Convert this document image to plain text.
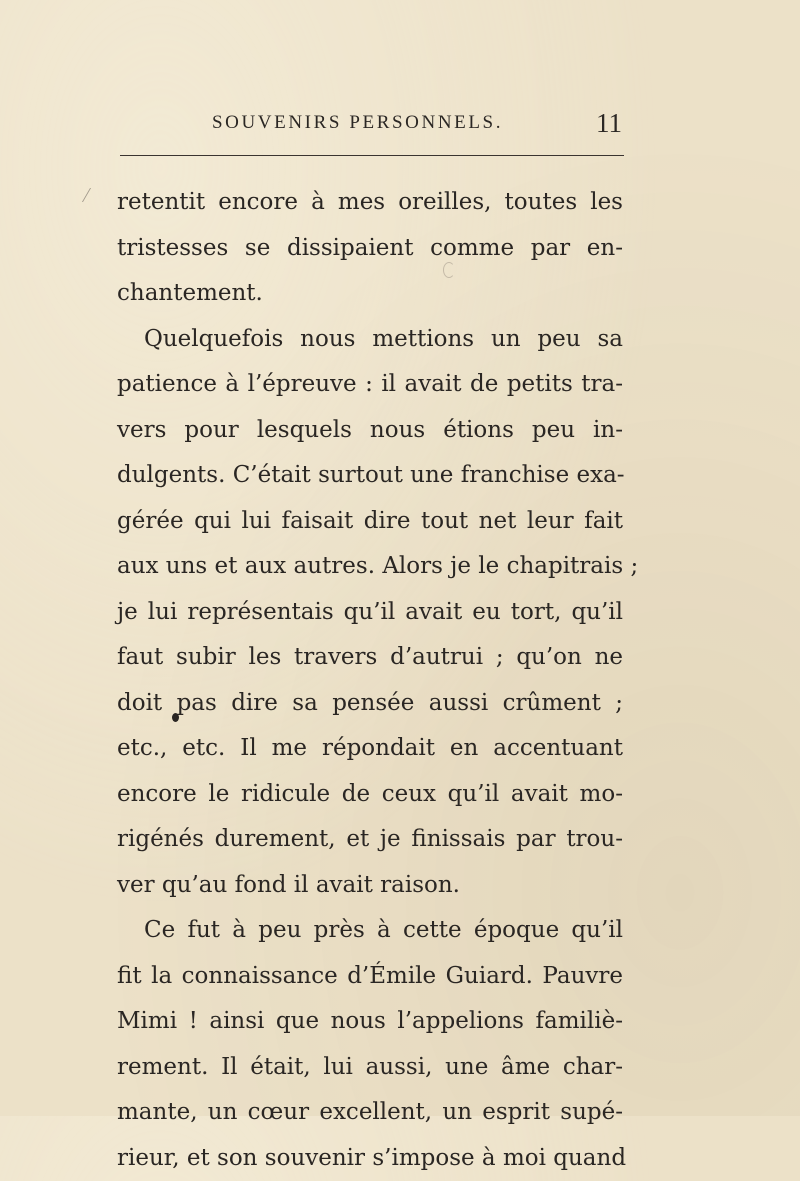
SOUVENIRS PERSONNELS.	11
retentit encore à mes oreilles, toutes les
tristesses se dissipaient comme par en-
chantement.
Quelquefois nous mettions un peu sa
patience à l’épreuve : il avait de petits tra-
vers pour lesquels nous étions peu in-
dulgents. C’était surtout une franchise exa-
gérée qui lui faisait dire tout net leur fait
aux uns et aux autres. Alors je le chapitrais ;
je lui représentais qu’il avait eu tort, qu’il
faut subir les travers d’autrui ; qu’on ne
doit pas dire sa pensée aussi crûment ;
etc., etc. Il me répondait en accentuant
encore le ridicule de ceux qu’il avait mo-
rigénés durement, et je finissais par trou-
ver qu’au fond il avait raison.
Ce fut à peu près à cette époque qu’il
fit la connaissance d’Émile Guiard. Pauvre
Mimi ! ainsi que nous l’appelions familiè-
rement. Il était, lui aussi, une âme char-
mante, un cœur excellent, un esprit supé-
rieur, et son souvenir s’impose à moi quand
